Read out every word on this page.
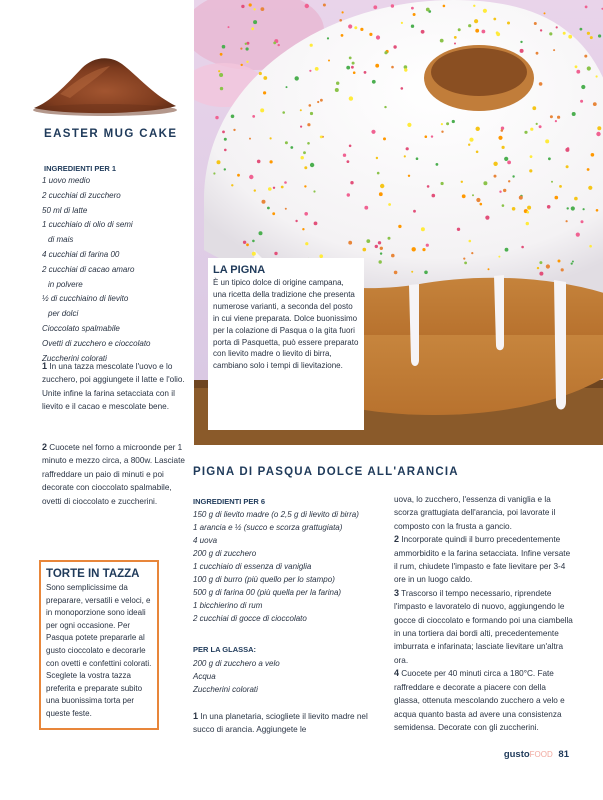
EASTER MUG CAKE
INGREDIENTI PER 1
1 uovo medio
2 cucchiai di zucchero
50 ml di latte
1 cucchiaio di olio di semi
di mais
4 cucchiai di farina 00
2 cucchiai di cacao amaro
in polvere
½ di cucchiaino di lievito
per dolci
Cioccolato spalmabile
Ovetti di zucchero e cioccolato
Zuccherini colorati
1 In una tazza mescolate l'uovo e lo zucchero, poi aggiungete il latte e l'olio. Unite infine la farina setacciata con il lievito e il cacao e mescolate bene.
2 Cuocete nel forno a microonde per 1 minuto e mezzo circa, a 800w. Lasciate raffreddare un paio di minuti e poi decorate con cioccolato spalmabile, ovetti di cioccolato e zuccherini.
TORTE IN TAZZA
Sono semplicissime da preparare, versatili e veloci, e in monoporzione sono ideali per ogni occasione. Per Pasqua potete prepararle al gusto cioccolato e decorarle con ovetti e confettini colorati. Sceglete la vostra tazza preferita e preparate subito una buonissima torta per queste feste.
LA PIGNA
È un tipico dolce di origine campana, una ricetta della tradizione che presenta numerose varianti, a seconda del posto in cui viene preparata. Dolce buonissimo per la colazione di Pasqua o la gita fuori porta di Pasquetta, può essere preparato con lievito madre o lievito di birra, cambiano solo i tempi di lievitazione.
PIGNA DI PASQUA DOLCE ALL'ARANCIA
INGREDIENTI PER 6
150 g di lievito madre (o 2,5 g di lievito di birra)
1 arancia e ½ (succo e scorza grattugiata)
4 uova
200 g di zucchero
1 cucchiaio di essenza di vaniglia
100 g di burro (più quello per lo stampo)
500 g di farina 00 (più quella per la farina)
1 bicchierino di rum
2 cucchiai di gocce di cioccolato
PER LA GLASSA:
200 g di zucchero a velo
Acqua
Zuccherini colorati
1 In una planetaria, sciogliete il lievito madre nel succo di arancia. Aggiungete le

uova, lo zucchero, l'essenza di vaniglia e la scorza grattugiata dell'arancia, poi lavorate il composto con la frusta a gancio.

2 Incorporate quindi il burro precedentemente ammorbidito e la farina setacciata. Infine versate il rum, chiudete l'impasto e fate lievitare per 3-4 ore in un luogo caldo.

3 Trascorso il tempo necessario, riprendete l'impasto e lavoratelo di nuovo, aggiungendo le gocce di cioccolato e formando poi una ciambella in una tortiera dai bordi alti, precedentemente imburrata e infarinata; lasciate lievitare un'altra ora.

4 Cuocete per 40 minuti circa a 180°C. Fate raffreddare e decorate a piacere con della glassa, ottenuta mescolando zucchero a velo e acqua quanto basta ad avere una consistenza semidensa. Decorate con gli zuccherini.

gustoFOOD 81
